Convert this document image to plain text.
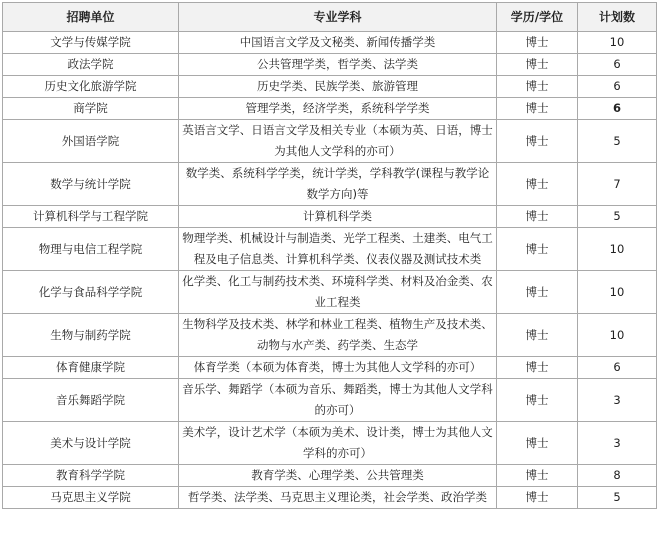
招聘单位	专业学科	学历/学位	计划数
文学与传媒学院	中国语言文学及文秘类、新闻传播学类	博士	10
政法学院	公共管理学类，哲学类、法学类	博士	6
历史文化旅游学院	历史学类、民族学类、旅游管理	博士	6
商学院	管理学类，经济学类，系统科学学类	博士	6
外国语学院	英语言文学、日语言文学及相关专业（本硕为英、日语，博士为其他人文学科的亦可）	博士	5
数学与统计学院	数学类、系统科学学类，统计学类，学科教学(课程与教学论数学方向)等	博士	7
计算机科学与工程学院	计算机科学类	博士	5
物理与电信工程学院	物理学类、机械设计与制造类、光学工程类、土建类、电气工程及电子信息类、计算机科学类、仪表仪器及测试技术类	博士	10
化学与食品科学学院	化学类、化工与制药技术类、环境科学类、材料及冶金类、农业工程类	博士	10
生物与制药学院	生物科学及技术类、林学和林业工程类、植物生产及技术类、动物与水产类、药学类、生态学	博士	10
体育健康学院	体育学类（本硕为体育类，博士为其他人文学科的亦可）	博士	6
音乐舞蹈学院	音乐学、舞蹈学（本硕为音乐、舞蹈类，博士为其他人文学科的亦可）	博士	3
美术与设计学院	美术学，设计艺术学（本硕为美术、设计类，博士为其他人文学科的亦可）	博士	3
教育科学学院	教育学类、心理学类、公共管理类	博士	8
马克思主义学院	哲学类、法学类、马克思主义理论类，社会学类、政治学类	博士	5
